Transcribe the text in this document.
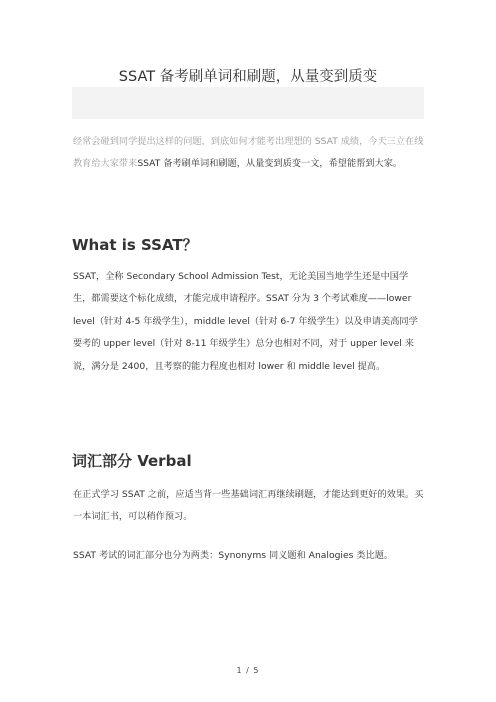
SSAT 备考刷单词和刷题，从量变到质变

经常会碰到同学提出这样的问题，到底如何才能考出理想的 SSAT 成绩，今天三立在线教育给大家带来SSAT 备考刷单词和刷题，从量变到质变一文，希望能帮到大家。

What is SSAT？

SSAT，全称 Secondary School Admission Test，无论美国当地学生还是中国学生，都需要这个标化成绩，才能完成申请程序。SSAT 分为 3 个考试难度——lower level（针对 4-5 年级学生），middle level（针对 6-7 年级学生）以及申请美高同学要考的 upper level（针对 8-11 年级学生）总分也相对不同，对于 upper level 来说，满分是 2400，且考察的能力程度也相对 lower 和 middle level 提高。

词汇部分 Verbal

在正式学习 SSAT 之前，应适当背一些基础词汇再继续刷题，才能达到更好的效果。买一本词汇书，可以稍作预习。

SSAT 考试的词汇部分也分为两类：Synonyms 同义题和 Analogies 类比题。

1 / 5
